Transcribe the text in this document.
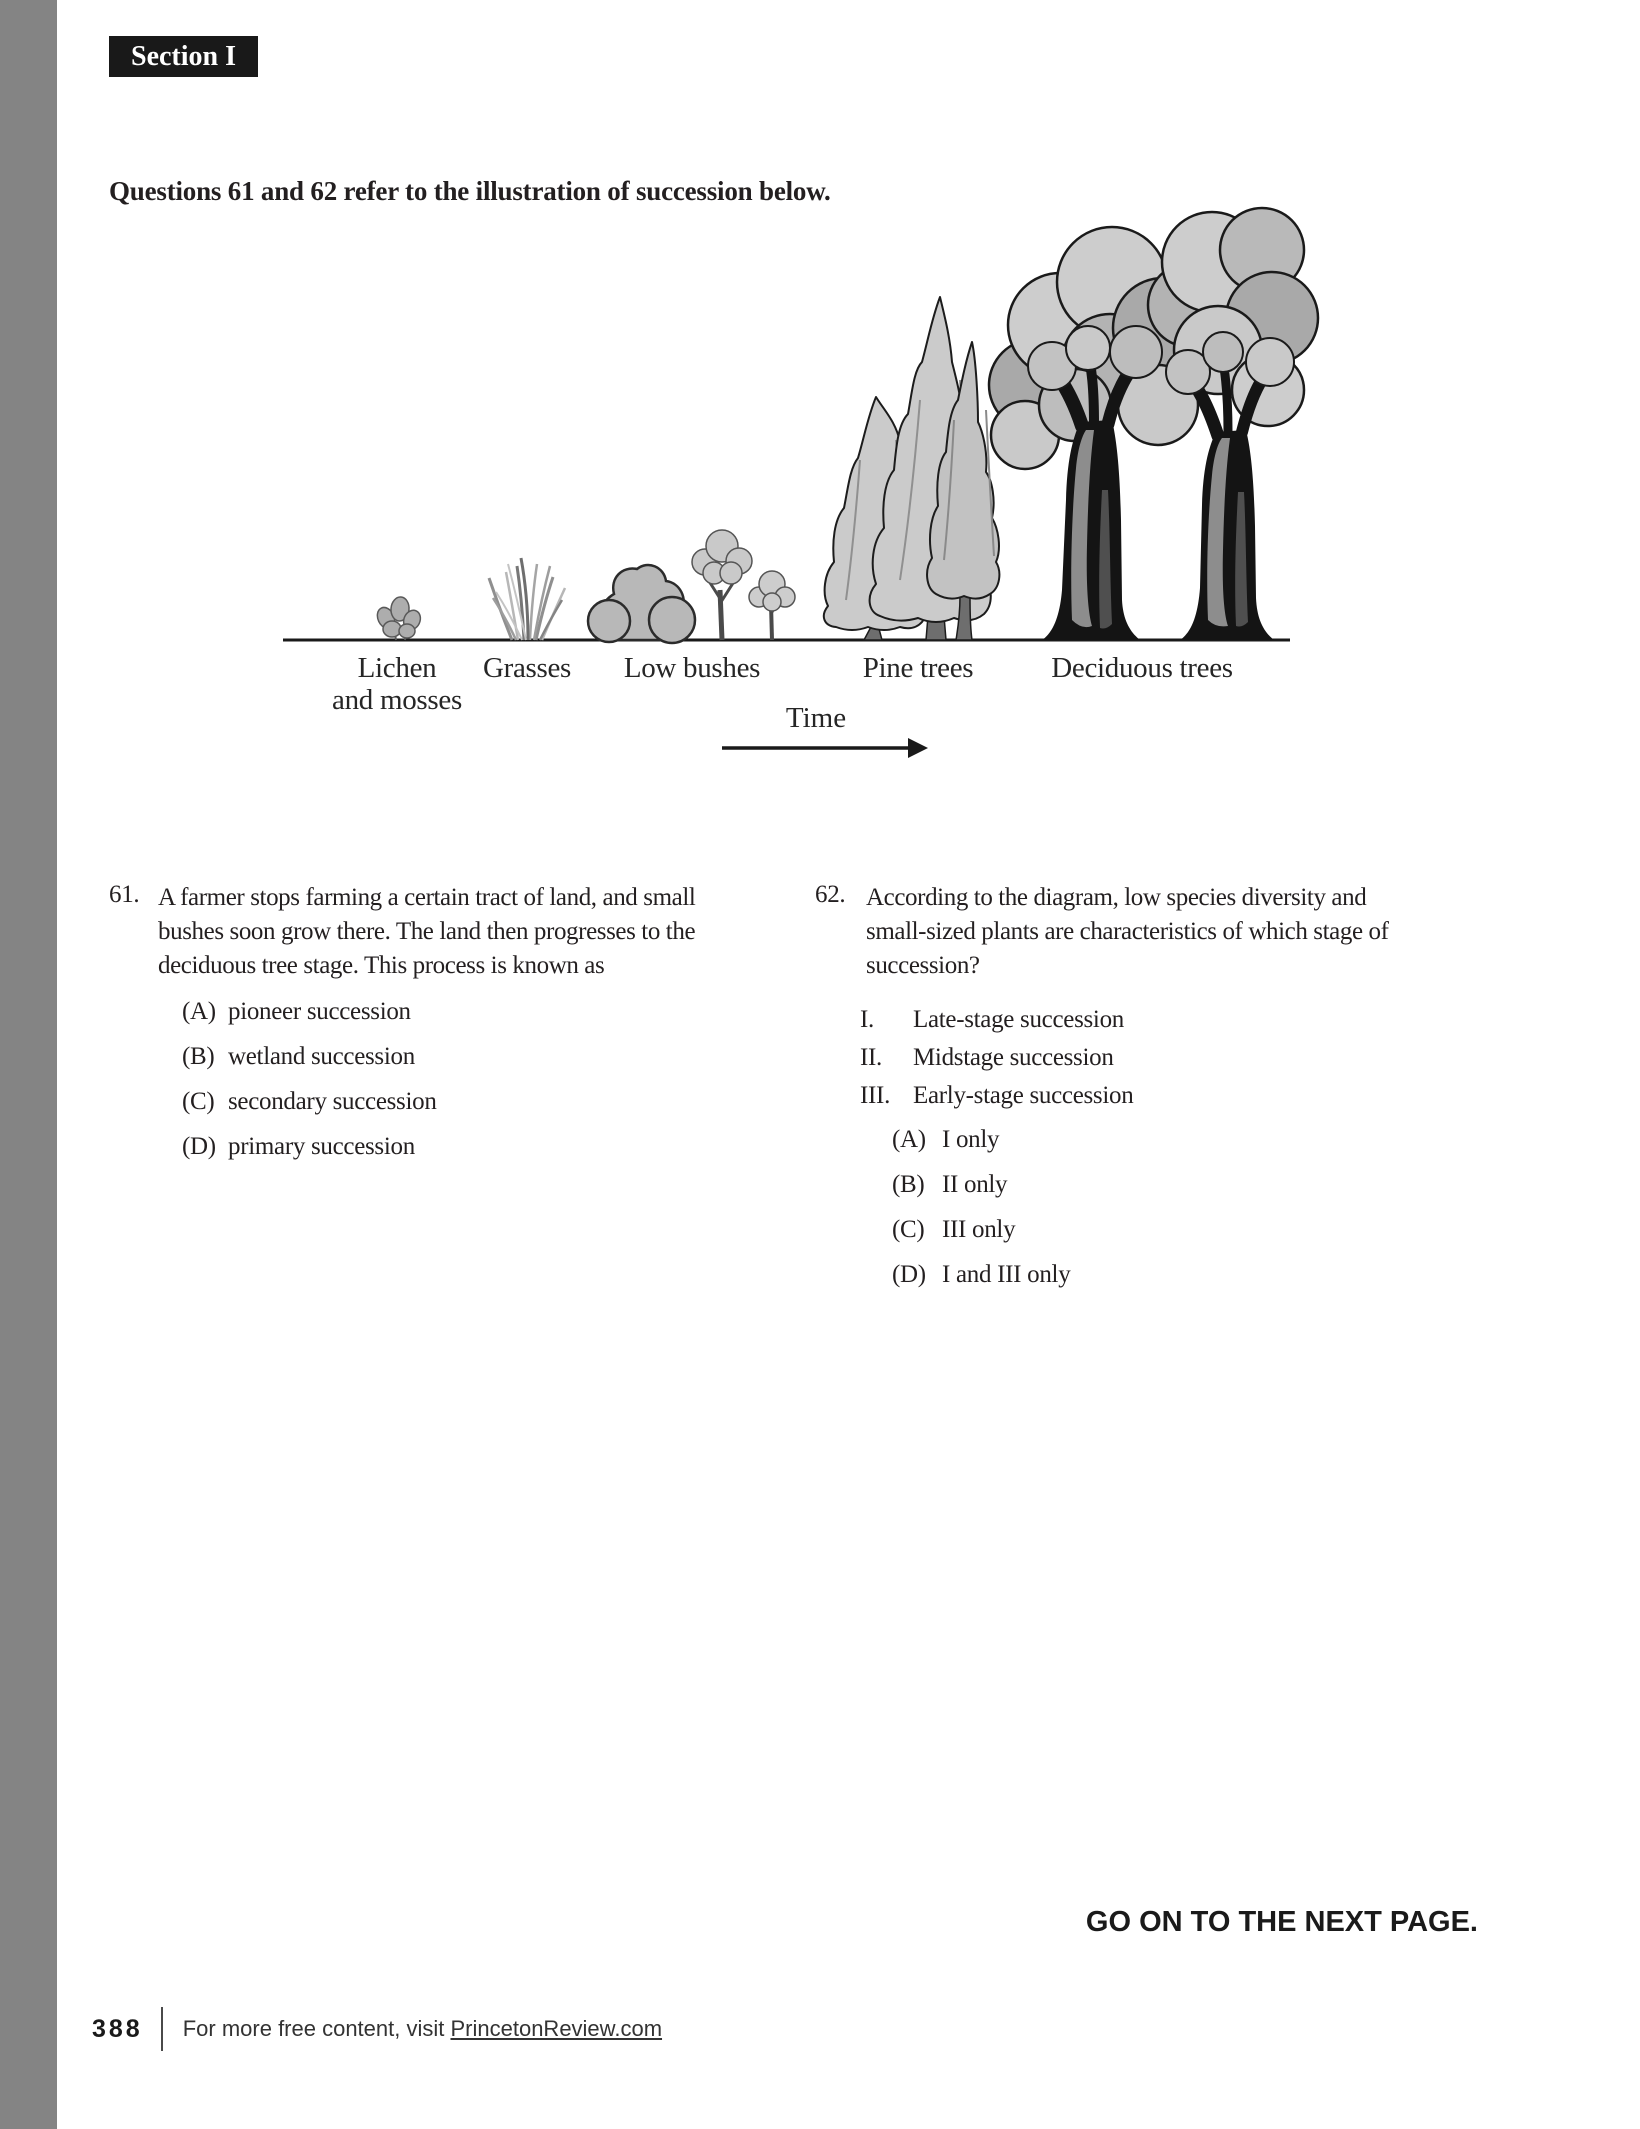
Section I
Questions 61 and 62 refer to the illustration of succession below.
Lichen
and mosses
Grasses Low bushes	Pine trees	Deciduous trees
Time
61. A farmer stops farming a certain tract of land, and small
bushes soon grow there. The land then progresses to the
deciduous tree stage. This process is known as
(A) pioneer succession
(B) wetland succession
(C) secondary succession
(D) primary succession
62. According to the diagram, low species diversity and
small-sized plants are characteristics of which stage of
succession?
I.	Late-stage succession
II.	Midstage succession
III. Early-stage succession
(A) I only
(B) II only
(C) III only
(D) I and III only
GO ON TO THE NEXT PAGE.
388 For more free content, visit PrincetonReview.com
